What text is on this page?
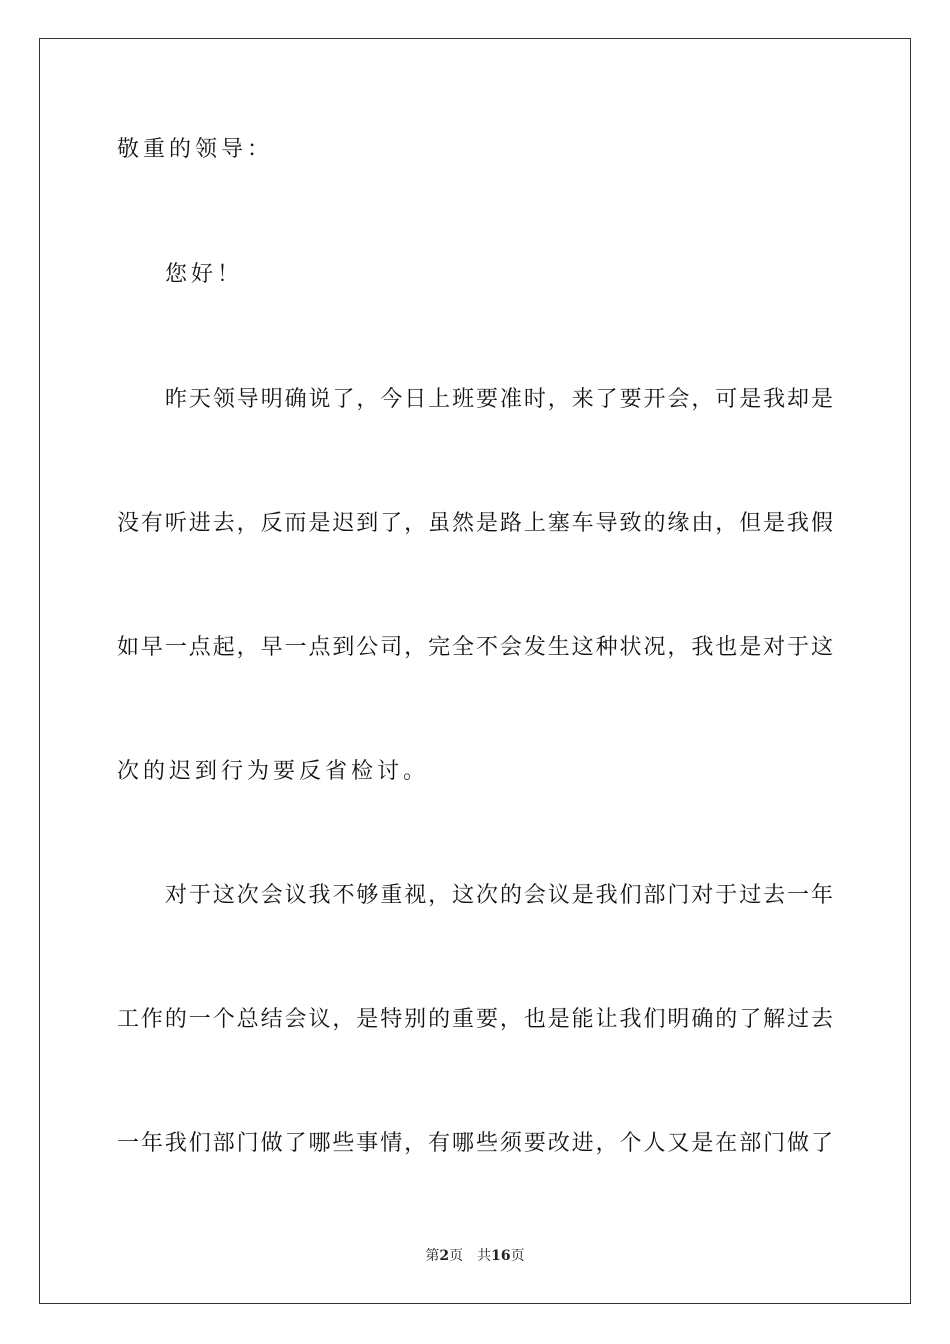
敬重的领导：
您好！
昨天领导明确说了，今日上班要准时，来了要开会，可是我却是
没有听进去，反而是迟到了，虽然是路上塞车导致的缘由，但是我假
如早一点起，早一点到公司，完全不会发生这种状况，我也是对于这
次的迟到行为要反省检讨。
对于这次会议我不够重视，这次的会议是我们部门对于过去一年
工作的一个总结会议，是特别的重要，也是能让我们明确的了解过去
一年我们部门做了哪些事情，有哪些须要改进，个人又是在部门做了
第2页 共16页
